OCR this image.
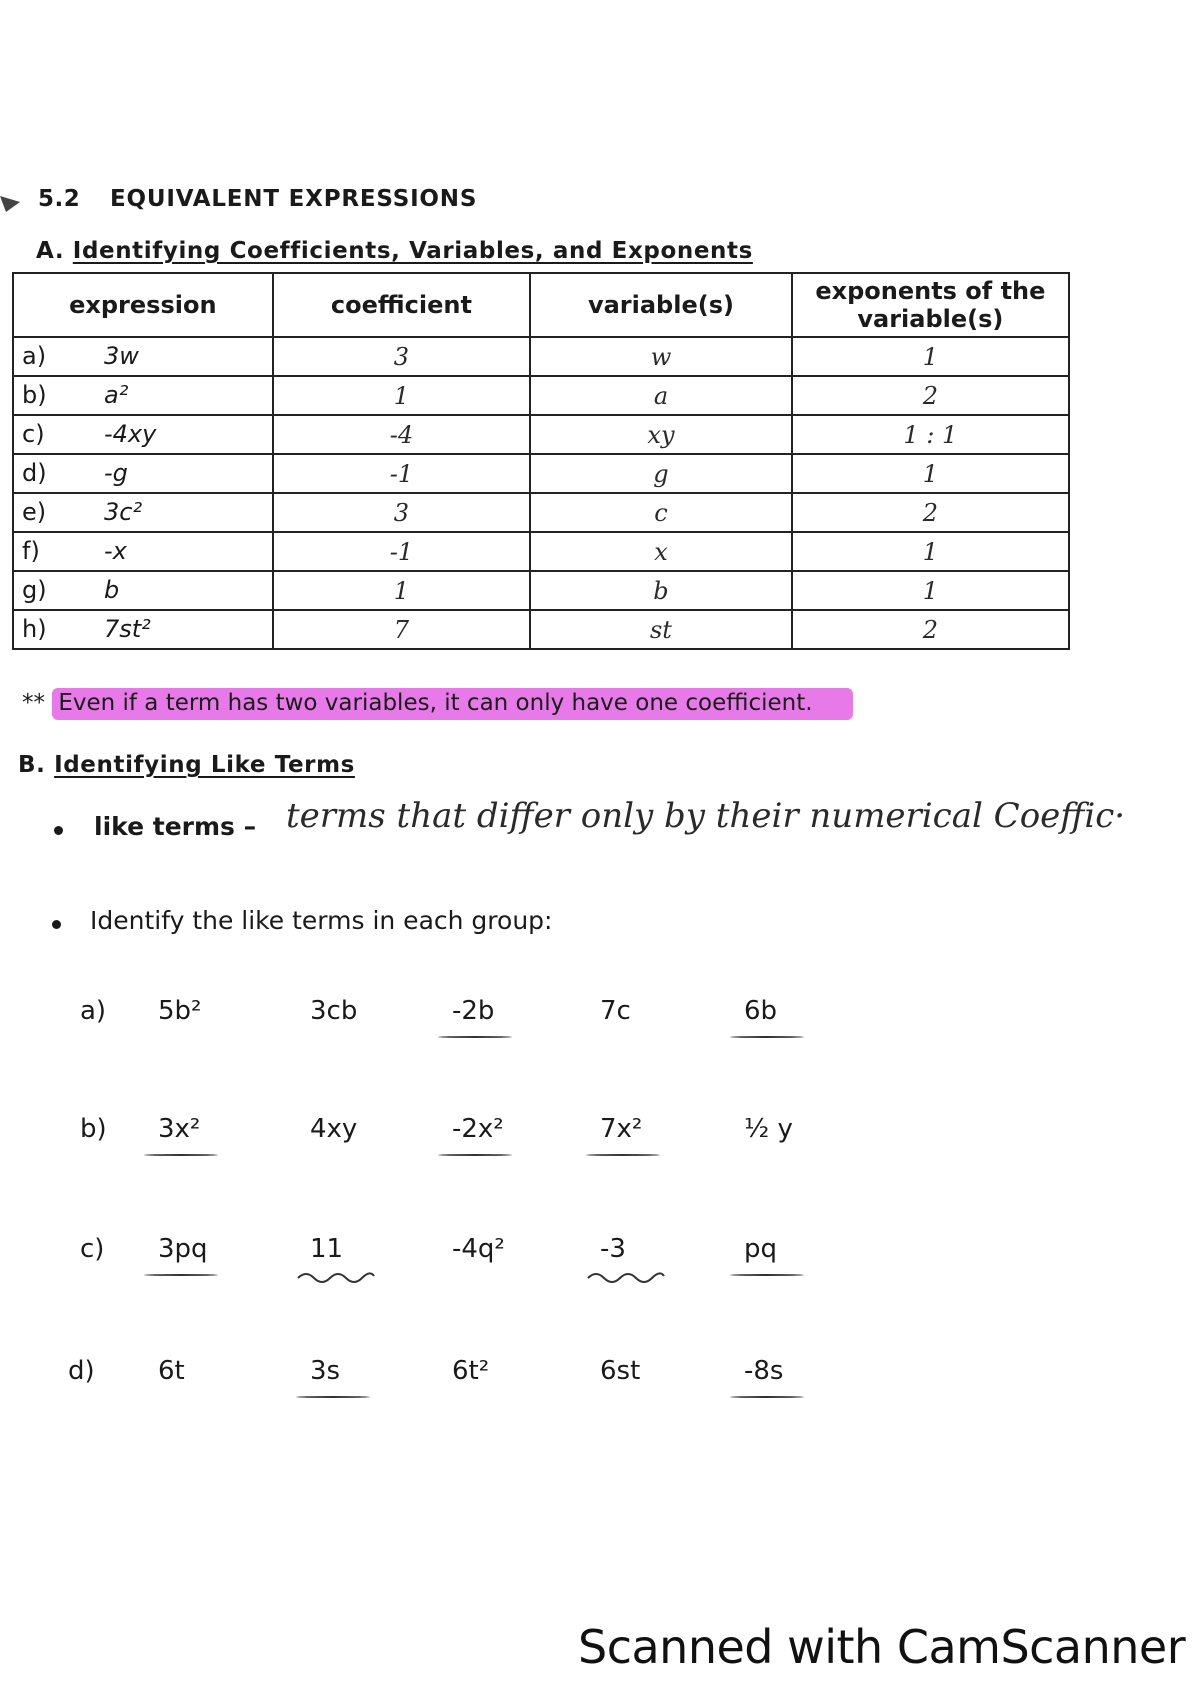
5.2 EQUIVALENT EXPRESSIONS
A. Identifying Coefficients, Variables, and Exponents
expression	coefficient	variable(s)	exponents of the variable(s)

a) 3w	3	w	1

b) a²	1	a	2

c) -4xy	-4	xy	1 : 1

d) -g	-1	g	1

e) 3c²	3	c	2

f) -x	-1	x	1

g) b	1	b	1

h) 7st²	7	st	2
** Even if a term has two variables, it can only have one coefficient.
B. Identifying Like Terms
like terms – terms that differ only by their numerical Coeffic·
Identify the like terms in each group:
a) 5b²	3cb	-2b	7c	6b
b) 3x²	4xy	-2x²	7x²	½ y
c) 3pq	11	-4q²	-3	pq
d) 6t	3s	6t²	6st	-8s
Scanned with CamScanner
